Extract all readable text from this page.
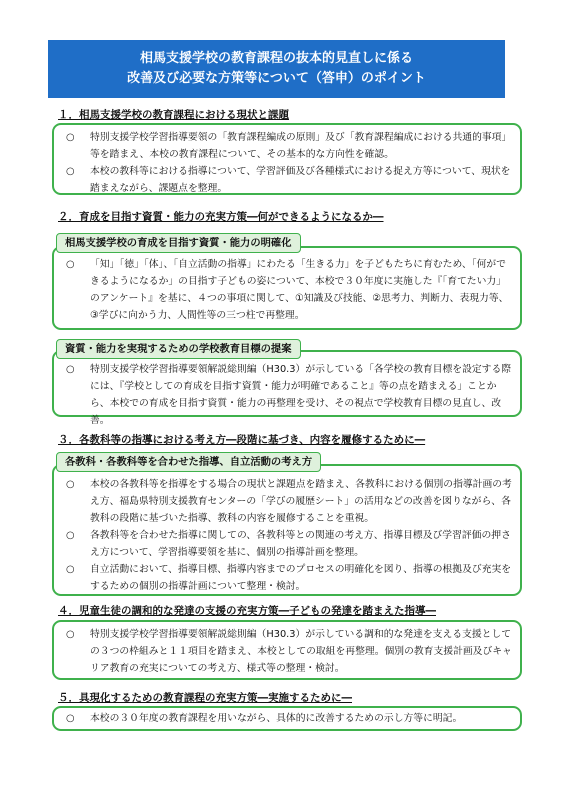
相馬支援学校の教育課程の抜本的見直しに係る
改善及び必要な方策等について（答申）のポイント
１．相馬支援学校の教育課程における現状と課題
○	特別支援学校学習指導要領の「教育課程編成の原則」及び「教育課程編成における共通的事項」等を踏まえ、本校の教育課程について、その基本的な方向性を確認。
○	本校の教科等における指導について、学習評価及び各種様式における捉え方等について、現状を踏まえながら、課題点を整理。
２．育成を目指す資質・能力の充実方策―何ができるようになるか―
○	「知」「徳」「体」、「自立活動の指導」にわたる「生きる力」を子どもたちに育むため、「何ができるようになるか」の目指す子どもの姿について、本校で３０年度に実施した『「育てたい力」のアンケート』を基に、４つの事項に関して、①知識及び技能、②思考力、判断力、表現力等、③学びに向かう力、人間性等の三つ柱で再整理。
相馬支援学校の育成を目指す資質・能力の明確化
○	特別支援学校学習指導要領解説総則編（H30.3）が示している「各学校の教育目標を設定する際には、『学校としての育成を目指す資質・能力が明確であること』等の点を踏まえる」ことから、本校での育成を目指す資質・能力の再整理を受け、その視点で学校教育目標の見直し、改善。
資質・能力を実現するための学校教育目標の提案
３．各教科等の指導における考え方―段階に基づき、内容を履修するために―
○	本校の各教科等を指導をする場合の現状と課題点を踏まえ、各教科における個別の指導計画の考え方、福島県特別支援教育センターの「学びの履歴シート」の活用などの改善を図りながら、各教科の段階に基づいた指導、教科の内容を履修することを重視。
○	各教科等を合わせた指導に関しての、各教科等との関連の考え方、指導目標及び学習評価の押さえ方について、学習指導要領を基に、個別の指導計画を整理。
○	自立活動において、指導目標、指導内容までのプロセスの明確化を図り、指導の根拠及び充実をするための個別の指導計画について整理・検討。
各教科・各教科等を合わせた指導、自立活動の考え方
４．児童生徒の調和的な発達の支援の充実方策―子どもの発達を踏まえた指導―
○	特別支援学校学習指導要領解説総則編（H30.3）が示している調和的な発達を支える支援としての３つの枠組みと１１項目を踏まえ、本校としての取組を再整理。個別の教育支援計画及びキャリア教育の充実についての考え方、様式等の整理・検討。
５．具現化するための教育課程の充実方策―実施するために―
○	本校の３０年度の教育課程を用いながら、具体的に改善するための示し方等に明記。
